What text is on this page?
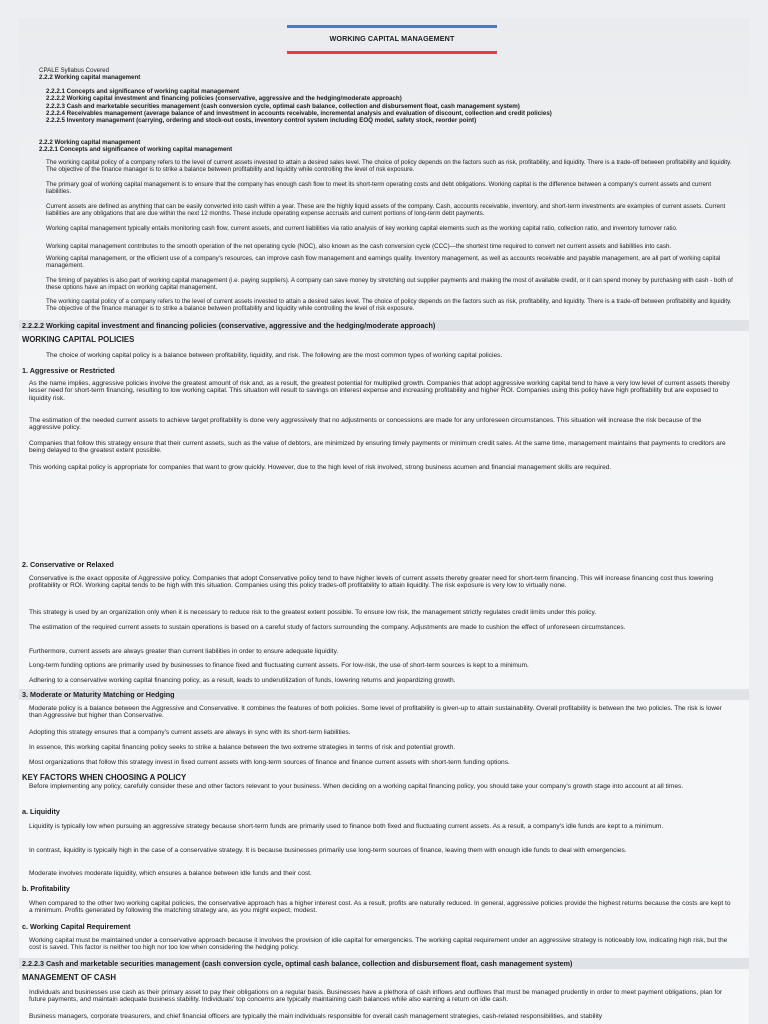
WORKING CAPITAL MANAGEMENT

CPALE Syllabus Covered

2.2.2 Working capital management

2.2.2.1 Concepts and significance of working capital management

2.2.2.2 Working capital investment and financing policies (conservative, aggressive and the hedging/moderate approach)

2.2.2.3 Cash and marketable securities management (cash conversion cycle, optimal cash balance, collection and disbursement float, cash management system)

2.2.2.4 Receivables management (average balance of and investment in accounts receivable, incremental analysis and evaluation of discount, collection and credit policies)

2.2.2.5 Inventory management (carrying, ordering and stock-out costs, inventory control system including EOQ model, safety stock, reorder point)

2.2.2 Working capital management

2.2.2.1 Concepts and significance of working capital management

The working capital policy of a company refers to the level of current assets invested to attain a desired sales level. The choice of policy depends on the factors such as risk, profitability, and liquidity. There is a trade-off between profitability and liquidity. The objective of the finance manager is to strike a balance between profitability and liquidity while controlling the level of risk exposure.

The primary goal of working capital management is to ensure that the company has enough cash flow to meet its short-term operating costs and debt obligations. Working capital is the difference between a company's current assets and current liabilities.

Current assets are defined as anything that can be easily converted into cash within a year. These are the highly liquid assets of the company. Cash, accounts receivable, inventory, and short-term investments are examples of current assets. Current liabilities are any obligations that are due within the next 12 months. These include operating expense accruals and current portions of long-term debt payments.

Working capital management typically entails monitoring cash flow, current assets, and current liabilities via ratio analysis of key working capital elements such as the working capital ratio, collection ratio, and inventory turnover ratio.

Working capital management contributes to the smooth operation of the net operating cycle (NOC), also known as the cash conversion cycle (CCC)—the shortest time required to convert net current assets and liabilities into cash.

Working capital management, or the efficient use of a company's resources, can improve cash flow management and earnings quality. Inventory management, as well as accounts receivable and payable management, are all part of working capital management.

The timing of payables is also part of working capital management (i.e. paying suppliers). A company can save money by stretching out supplier payments and making the most of available credit, or it can spend money by purchasing with cash - both of these options have an impact on working capital management.

The working capital policy of a company refers to the level of current assets invested to attain a desired sales level. The choice of policy depends on the factors such as risk, profitability, and liquidity. There is a trade-off between profitability and liquidity. The objective of the finance manager is to strike a balance between profitability and liquidity while controlling the level of risk exposure.

2.2.2.2 Working capital investment and financing policies (conservative, aggressive and the hedging/moderate approach)

WORKING CAPITAL POLICIES

The choice of working capital policy is a balance between profitability, liquidity, and risk. The following are the most common types of working capital policies.

1. Aggressive or Restricted

As the name implies, aggressive policies involve the greatest amount of risk and, as a result, the greatest potential for multiplied growth. Companies that adopt aggressive working capital tend to have a very low level of current assets thereby lesser need for short-term financing, resulting to low working capital. This situation will result to savings on interest expense and increasing profitability and higher ROI. Companies using this policy have high profitability but are exposed to liquidity risk.

The estimation of the needed current assets to achieve target profitability is done very aggressively that no adjustments or concessions are made for any unforeseen circumstances. This situation will increase the risk because of the aggressive policy.

Companies that follow this strategy ensure that their current assets, such as the value of debtors, are minimized by ensuring timely payments or minimum credit sales. At the same time, management maintains that payments to creditors are being delayed to the greatest extent possible.

This working capital policy is appropriate for companies that want to grow quickly. However, due to the high level of risk involved, strong business acumen and financial management skills are required.

2. Conservative or Relaxed

Conservative is the exact opposite of Aggressive policy. Companies that adopt Conservative policy tend to have higher levels of current assets thereby greater need for short-term financing. This will increase financing cost thus lowering profitability or ROI. Working capital tends to be high with this situation. Companies using this policy trades-off profitability to attain liquidity. The risk exposure is very low to virtually none.

This strategy is used by an organization only when it is necessary to reduce risk to the greatest extent possible. To ensure low risk, the management strictly regulates credit limits under this policy.

The estimation of the required current assets to sustain operations is based on a careful study of factors surrounding the company. Adjustments are made to cushion the effect of unforeseen circumstances.

Furthermore, current assets are always greater than current liabilities in order to ensure adequate liquidity.

Long-term funding options are primarily used by businesses to finance fixed and fluctuating current assets. For low-risk, the use of short-term sources is kept to a minimum.

Adhering to a conservative working capital financing policy, as a result, leads to underutilization of funds, lowering returns and jeopardizing growth.

3. Moderate or Maturity Matching or Hedging

Moderate policy is a balance between the Aggressive and Conservative. It combines the features of both policies. Some level of profitability is given-up to attain sustainability. Overall profitability is between the two policies. The risk is lower than Aggressive but higher than Conservative.

Adopting this strategy ensures that a company's current assets are always in sync with its short-term liabilities.

In essence, this working capital financing policy seeks to strike a balance between the two extreme strategies in terms of risk and potential growth.

Most organizations that follow this strategy invest in fixed current assets with long-term sources of finance and finance current assets with short-term funding options.

KEY FACTORS WHEN CHOOSING A POLICY

Before implementing any policy, carefully consider these and other factors relevant to your business. When deciding on a working capital financing policy, you should take your company's growth stage into account at all times.

a. Liquidity

Liquidity is typically low when pursuing an aggressive strategy because short-term funds are primarily used to finance both fixed and fluctuating current assets. As a result, a company's idle funds are kept to a minimum.

In contrast, liquidity is typically high in the case of a conservative strategy. It is because businesses primarily use long-term sources of finance, leaving them with enough idle funds to deal with emergencies.

Moderate involves moderate liquidity, which ensures a balance between idle funds and their cost.

b. Profitability

When compared to the other two working capital policies, the conservative approach has a higher interest cost. As a result, profits are naturally reduced. In general, aggressive policies provide the highest returns because the costs are kept to a minimum. Profits generated by following the matching strategy are, as you might expect, modest.

c. Working Capital Requirement

Working capital must be maintained under a conservative approach because it involves the provision of idle capital for emergencies. The working capital requirement under an aggressive strategy is noticeably low, indicating high risk, but the cost is saved. This factor is neither too high nor too low when considering the hedging policy.

2.2.2.3 Cash and marketable securities management (cash conversion cycle, optimal cash balance, collection and disbursement float, cash management system)

MANAGEMENT OF CASH

Individuals and businesses use cash as their primary asset to pay their obligations on a regular basis. Businesses have a plethora of cash inflows and outflows that must be managed prudently in order to meet payment obligations, plan for future payments, and maintain adequate business stability. Individuals' top concerns are typically maintaining cash balances while also earning a return on idle cash.

Business managers, corporate treasurers, and chief financial officers are typically the main individuals responsible for overall cash management strategies, cash-related responsibilities, and stability
